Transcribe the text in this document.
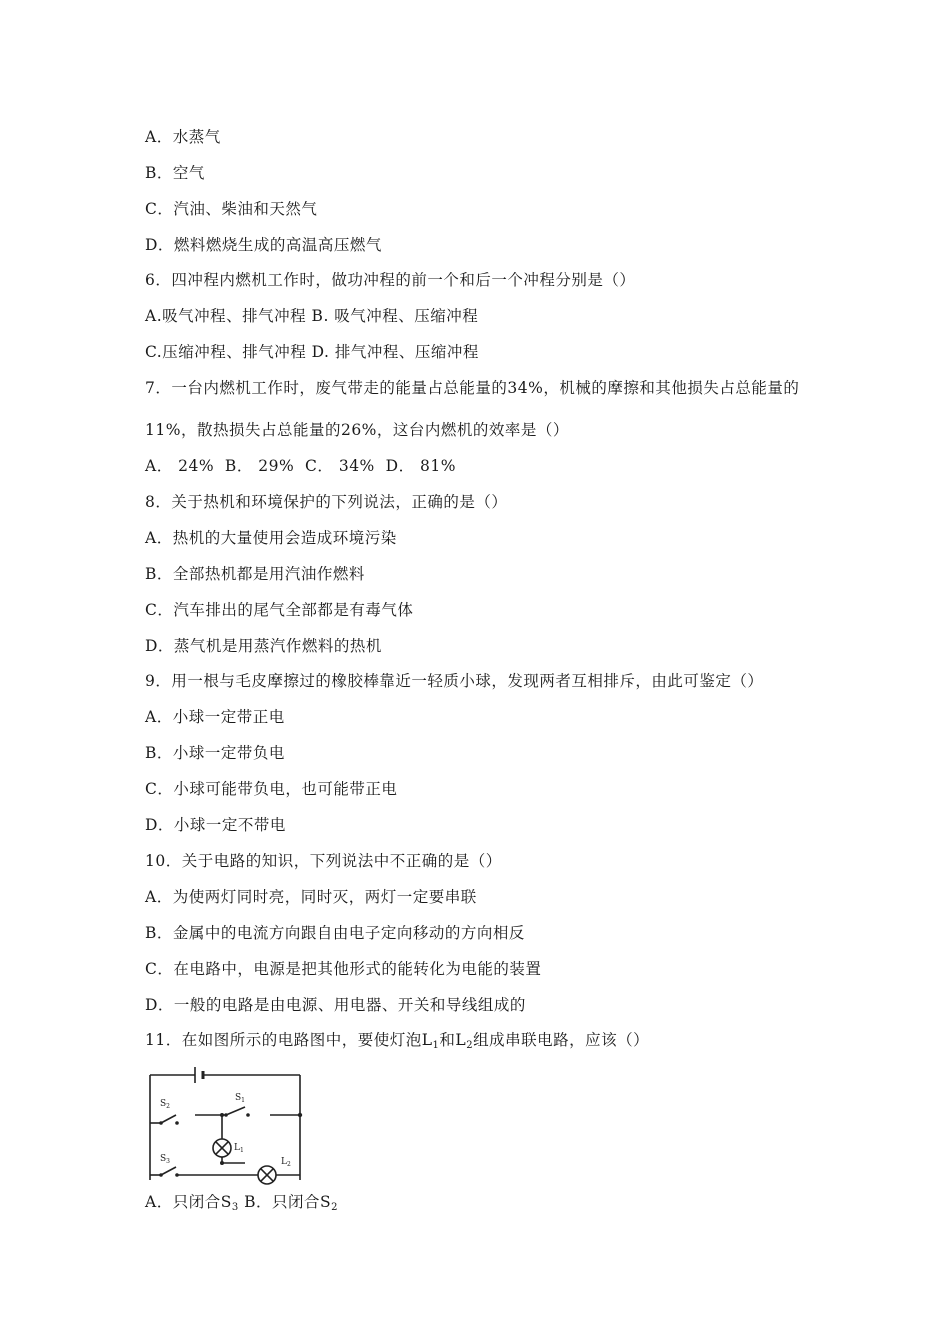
A．水蒸气
B．空气
C．汽油、柴油和天然气
D．燃料燃烧生成的高温高压燃气
6．四冲程内燃机工作时，做功冲程的前一个和后一个冲程分别是（）
A.吸气冲程、排气冲程 B. 吸气冲程、压缩冲程
C.压缩冲程、排气冲程 D. 排气冲程、压缩冲程
7．一台内燃机工作时，废气带走的能量占总能量的34%，机械的摩擦和其他损失占总能量的
11%，散热损失占总能量的26%，这台内燃机的效率是（）
A． 24%  B． 29%  C． 34%  D． 81%
8．关于热机和环境保护的下列说法，正确的是（）
A．热机的大量使用会造成环境污染
B．全部热机都是用汽油作燃料
C．汽车排出的尾气全部都是有毒气体
D．蒸气机是用蒸汽作燃料的热机
9．用一根与毛皮摩擦过的橡胶棒靠近一轻质小球，发现两者互相排斥，由此可鉴定（）
A．小球一定带正电
B．小球一定带负电
C．小球可能带负电，也可能带正电
D．小球一定不带电
10．关于电路的知识，下列说法中不正确的是（）
A．为使两灯同时亮，同时灭，两灯一定要串联
B．金属中的电流方向跟自由电子定向移动的方向相反
C．在电路中，电源是把其他形式的能转化为电能的装置
D．一般的电路是由电源、用电器、开关和导线组成的
11．在如图所示的电路图中，要使灯泡$L_1$和$L_2$组成串联电路，应该（）
$S_2$
$S_1$
$S_3$
$L_1$
$L_2$
A．只闭合$S_3$ B．只闭合$S_2$
